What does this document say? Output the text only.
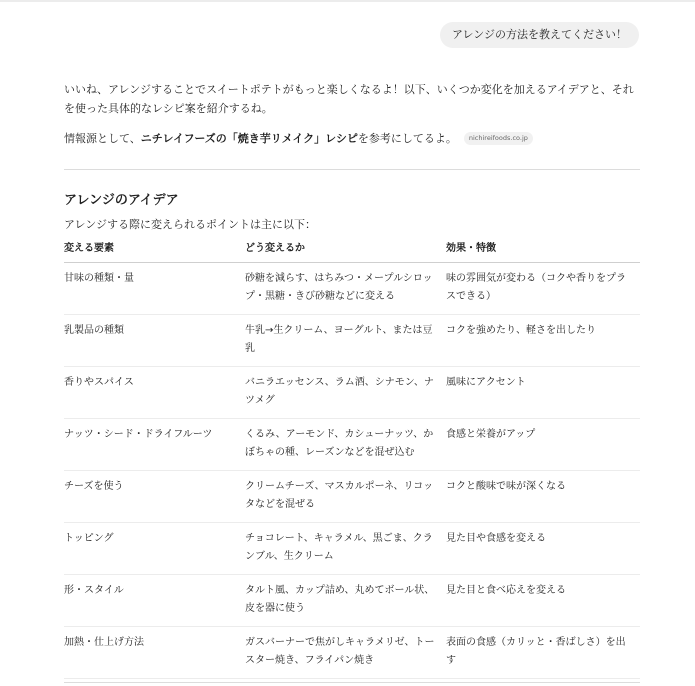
アレンジの方法を教えてください！

いいね、アレンジすることでスイートポテトがもっと楽しくなるよ！以下、いくつか変化を加えるアイデアと、それを使った具体的なレシピ案を紹介するね。

情報源として、 ニチレイフーズの「焼き芋リメイク」レシピ を参考にしてるよ。	nichireifoods.co.jp
アレンジのアイデア
アレンジする際に変えられるポイントは主に以下：
変える要素	どう変えるか	効果・特徴
甘味の種類・量	砂糖を減らす、はちみつ・メープルシロップ・黒糖・きび砂糖などに変える	味の雰囲気が変わる（コクや香りをプラスできる）
乳製品の種類	牛乳→生クリーム、ヨーグルト、または豆乳	コクを強めたり、軽さを出したり
香りやスパイス	バニラエッセンス、ラム酒、シナモン、ナツメグ	風味にアクセント
ナッツ・シード・ドライフルーツ	くるみ、アーモンド、カシューナッツ、かぼちゃの種、レーズンなどを混ぜ込む	食感と栄養がアップ
チーズを使う	クリームチーズ、マスカルポーネ、リコッタなどを混ぜる	コクと酸味で味が深くなる
トッピング	チョコレート、キャラメル、黒ごま、クランブル、生クリーム	見た目や食感を変える
形・スタイル	タルト風、カップ詰め、丸めてボール状、皮を器に使う	見た目と食べ応えを変える
加熱・仕上げ方法	ガスバーナーで焦がしキャラメリゼ、トースター焼き、フライパン焼き	表面の食感（カリッと・香ばしさ）を出す
